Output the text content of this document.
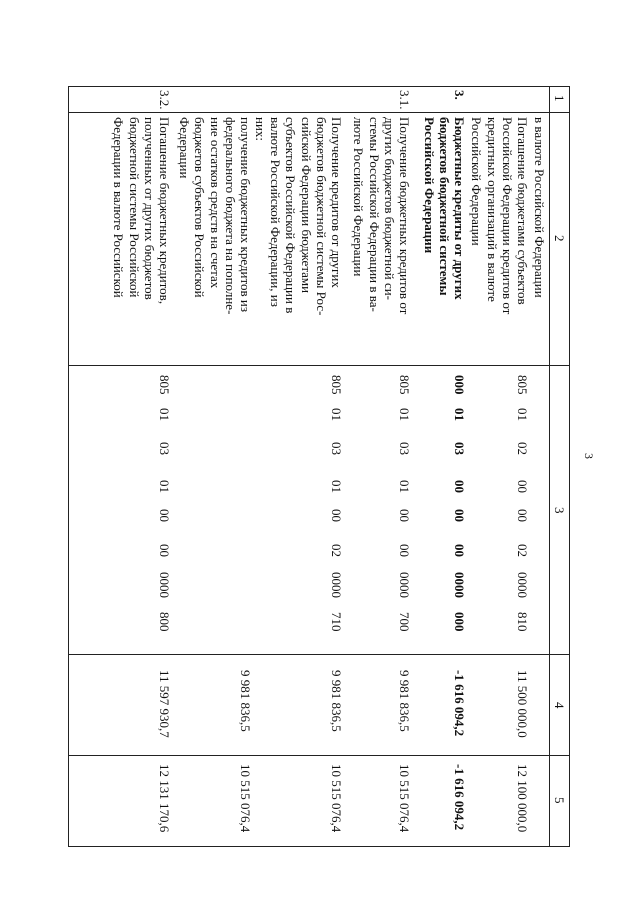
3
1
2
3
4
5
в валюте Российской Федерации
Погашение бюджетами субъектов
Российской Федерации кредитов от
кредитных организаций в валюте
Российской Федерации
805
01
02
00
00
02
0000
810
11 500 000,0
12 100 000,0
3.
Бюджетные кредиты от других
бюджетов бюджетной системы
Российской Федерации
000
01
03
00
00
00
0000
000
-1 616 094,2
-1 616 094,2
3.1.
Получение бюджетных кредитов от
других бюджетов бюджетной си-
стемы Российской Федерации в ва-
люте Российской Федерации
805
01
03
01
00
00
0000
700
9 981 836,5
10 515 076,4
Получение кредитов от других
бюджетов бюджетной системы Рос-
сийской Федерации бюджетами
субъектов Российской Федерации в
валюте Российской Федерации, из
них:
805
01
03
01
00
02
0000
710
9 981 836,5
10 515 076,4
получение бюджетных кредитов из
федерального бюджета на пополне-
ние остатков средств на счетах
бюджетов субъектов Российской
Федерации
9 981 836,5
10 515 076,4
3.2.
Погашение бюджетных кредитов,
полученных от других бюджетов
бюджетной системы Российской
Федерации в валюте Российской
805
01
03
01
00
00
0000
800
11 597 930,7
12 131 170,6
